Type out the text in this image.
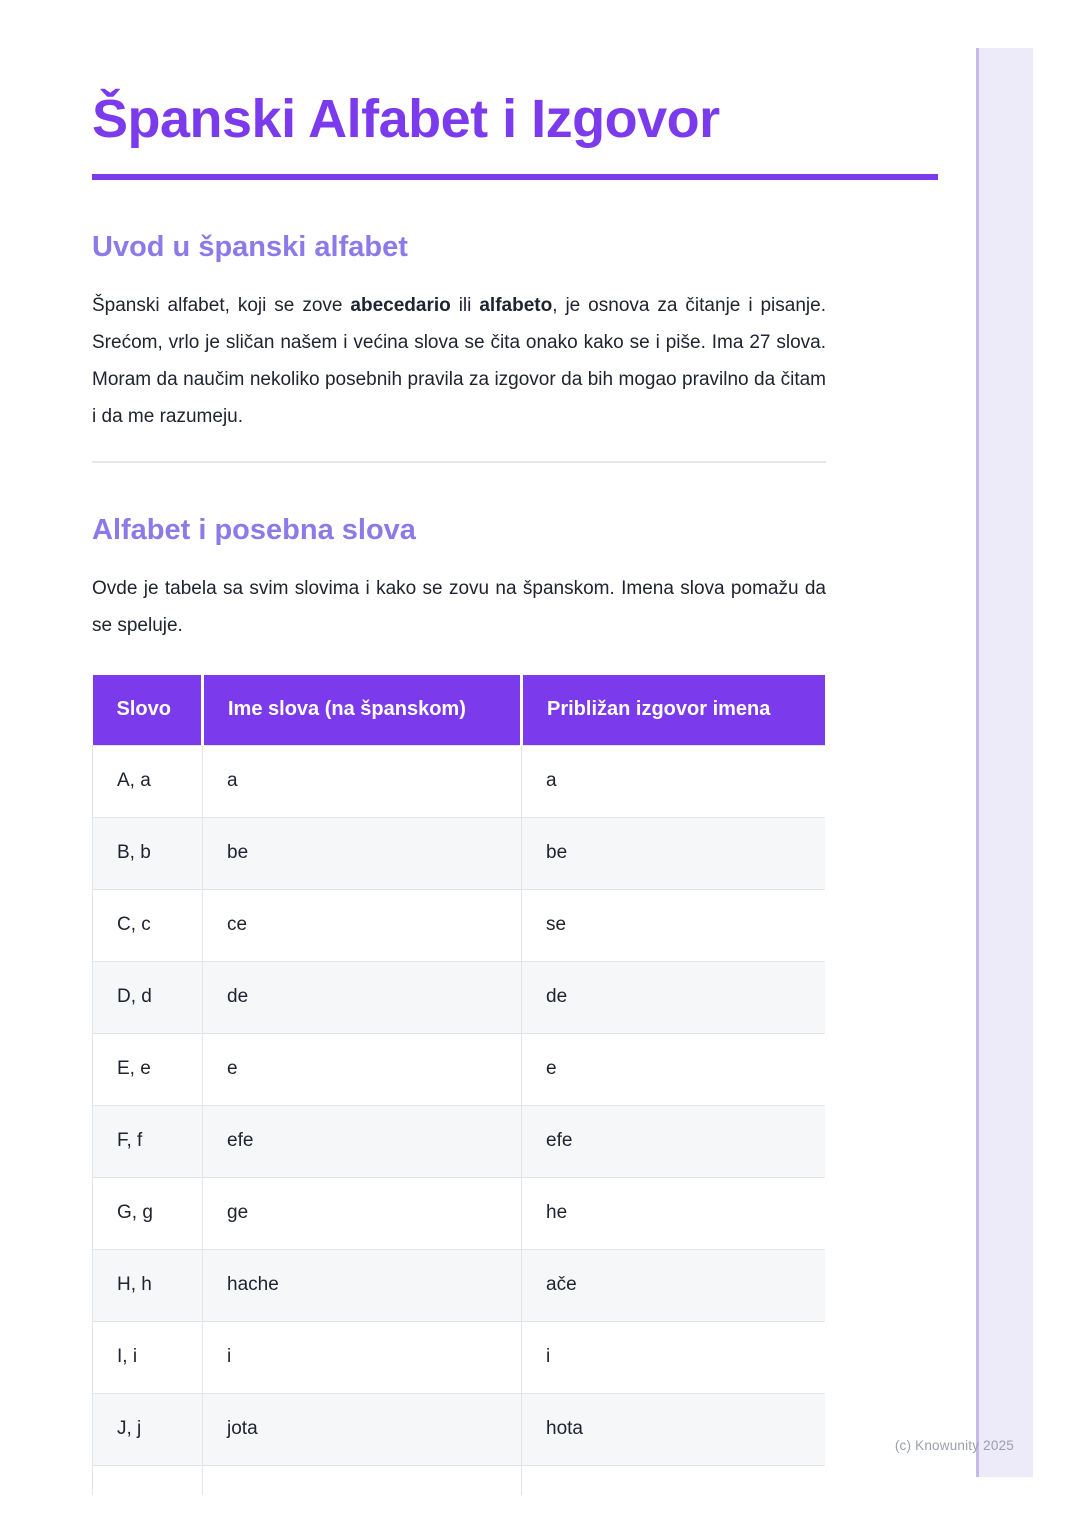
Španski Alfabet i Izgovor
Uvod u španski alfabet

Španski alfabet, koji se zove abecedario ili alfabeto, je osnova za čitanje i pisanje. Srećom, vrlo je sličan našem i većina slova se čita onako kako se i piše. Ima 27 slova. Moram da naučim nekoliko posebnih pravila za izgovor da bih mogao pravilno da čitam i da me razumeju.

Alfabet i posebna slova

Ovde je tabela sa svim slovima i kako se zovu na španskom. Imena slova pomažu da se speluje.

Slovo	Ime slova (na španskom)	Približan izgovor imena
A, a	a	a
B, b	be	be
C, c	ce	se
D, d	de	de
E, e	e	e
F, f	efe	efe
G, g	ge	he
H, h	hache	ače
I, i	i	i
J, j	jota	hota

(c) Knowunity 2025
